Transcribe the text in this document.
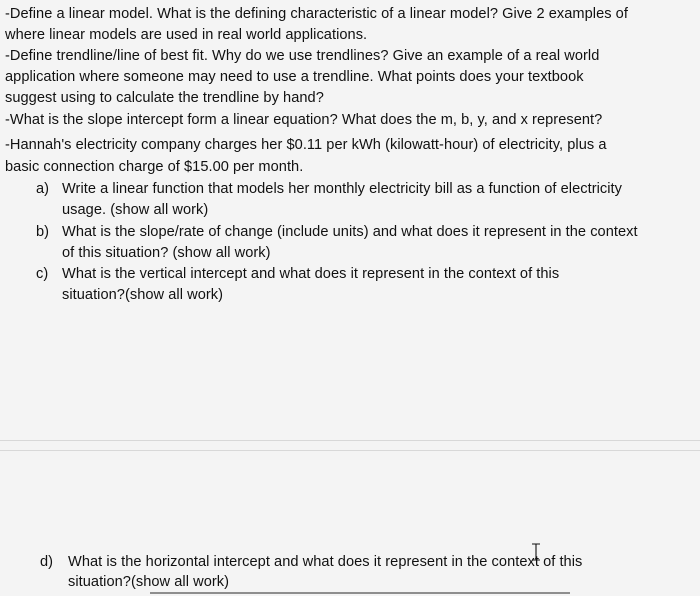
-Define a linear model. What is the defining characteristic of a linear model? Give 2 examples of
where linear models are used in real world applications.
-Define trendline/line of best fit. Why do we use trendlines? Give an example of a real world
application where someone may need to use a trendline. What points does your textbook
suggest using to calculate the trendline by hand?
-What is the slope intercept form a linear equation? What does the m, b, y, and x represent?
-Hannah's electricity company charges her $0.11 per kWh (kilowatt-hour) of electricity, plus a
basic connection charge of $15.00 per month.
a) Write a linear function that models her monthly electricity bill as a function of electricity
usage. (show all work)
b) What is the slope/rate of change (include units) and what does it represent in the context
of this situation? (show all work)
c) What is the vertical intercept and what does it represent in the context of this
situation?(show all work)
d) What is the horizontal intercept and what does it represent in the context of this
situation?(show all work)
